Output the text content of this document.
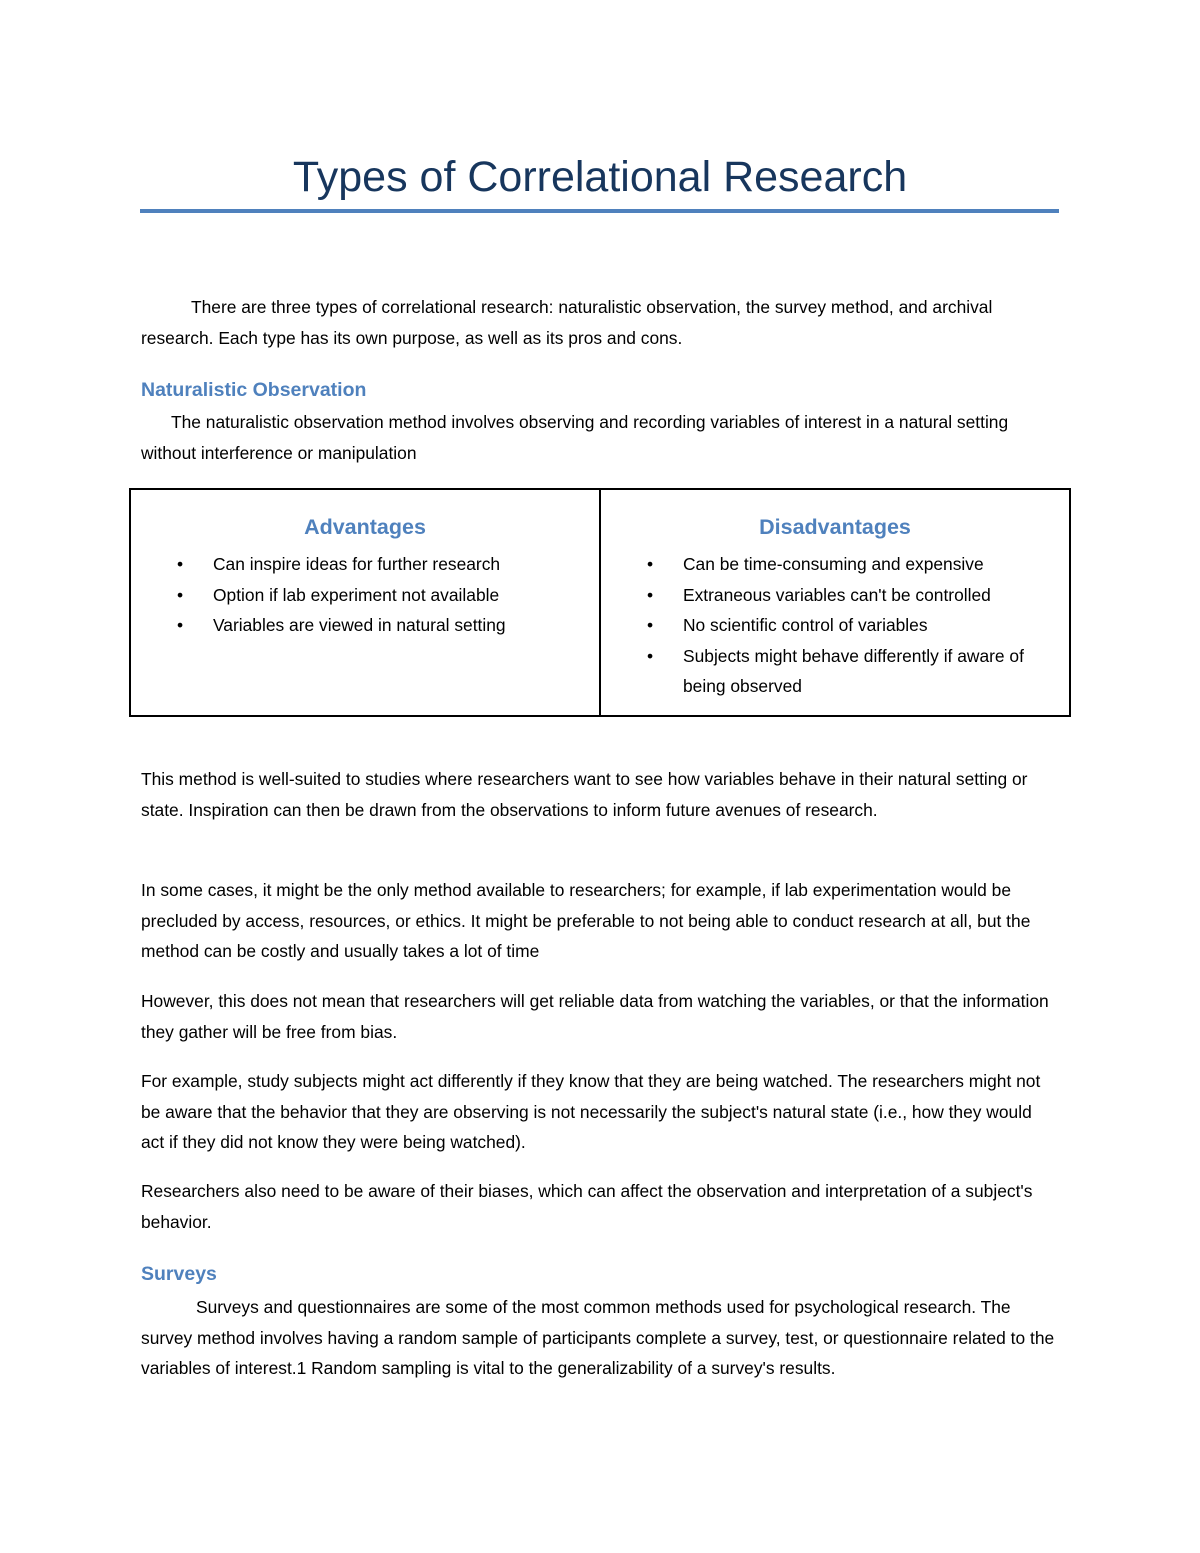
Types of Correlational Research

There are three types of correlational research: naturalistic observation, the survey method, and archival research. Each type has its own purpose, as well as its pros and cons.

Naturalistic Observation

The naturalistic observation method involves observing and recording variables of interest in a natural setting without interference or manipulation

Advantages
• Can inspire ideas for further research
• Option if lab experiment not available
• Variables are viewed in natural setting
Disadvantages
• Can be time-consuming and expensive
• Extraneous variables can't be controlled
• No scientific control of variables
• Subjects might behave differently if aware of being observed

This method is well-suited to studies where researchers want to see how variables behave in their natural setting or state. Inspiration can then be drawn from the observations to inform future avenues of research.

In some cases, it might be the only method available to researchers; for example, if lab experimentation would be precluded by access, resources, or ethics. It might be preferable to not being able to conduct research at all, but the method can be costly and usually takes a lot of time

However, this does not mean that researchers will get reliable data from watching the variables, or that the information they gather will be free from bias.

For example, study subjects might act differently if they know that they are being watched. The researchers might not be aware that the behavior that they are observing is not necessarily the subject's natural state (i.e., how they would act if they did not know they were being watched).

Researchers also need to be aware of their biases, which can affect the observation and interpretation of a subject's behavior.

Surveys

Surveys and questionnaires are some of the most common methods used for psychological research. The survey method involves having a random sample of participants complete a survey, test, or questionnaire related to the variables of interest.1 Random sampling is vital to the generalizability of a survey's results.
